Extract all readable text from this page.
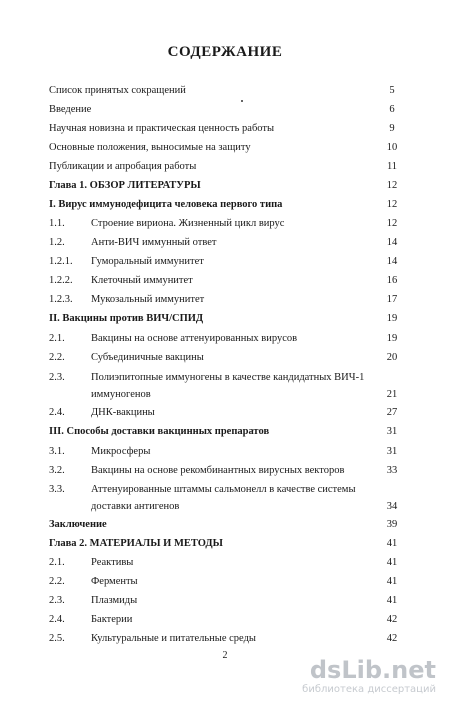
СОДЕРЖАНИЕ
Список принятых сокращений	5
Введение	6
Научная новизна и практическая ценность работы	9
Основные положения, выносимые на защиту	10
Публикации и апробация работы	11
Глава 1. ОБЗОР ЛИТЕРАТУРЫ	12
I. Вирус иммунодефицита человека первого типа	12
1.1.	Строение вириона. Жизненный цикл вирус	12
1.2.	Анти-ВИЧ иммунный ответ	14
1.2.1. Гуморальный иммунитет	14
1.2.2. Клеточный иммунитет	16
1.2.3. Мукозальный иммунитет	17
II. Вакцины против ВИЧ/СПИД	19
2.1.	Вакцины на основе аттенуированных вирусов	19
2.2.	Субъединичные вакцины	20
2.3.	Полиэпитопные иммуногены в качестве кандидатных ВИЧ-1
иммуногенов	21
2.4.	ДНК-вакцины	27
III. Способы доставки вакцинных препаратов	31
3.1.	Микросферы	31
3.2.	Вакцины на основе рекомбинантных вирусных векторов	33
3.3.	Аттенуированные штаммы сальмонелл в качестве системы
доставки антигенов	34
Заключение	39
Глава 2. МАТЕРИАЛЫ И МЕТОДЫ	41
2.1.	Реактивы	41
2.2.	Ферменты	41
2.3.	Плазмиды	41
2.4.	Бактерии	42
2.5.	Культуральные и питательные среды	42
2
dsLib.net
библиотека диссертаций
